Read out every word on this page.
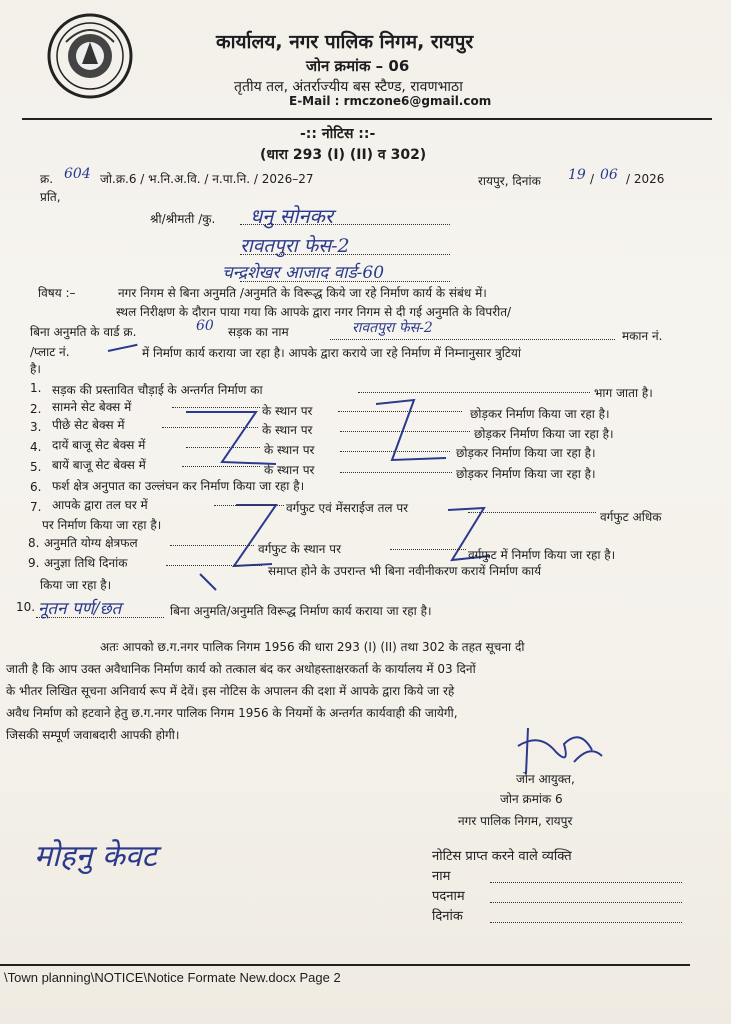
कार्यालय, नगर पालिक निगम, रायपुर
जोन क्रमांक – 06
तृतीय तल, अंतर्राज्यीय बस स्टैण्ड, रावणभाठा
E-Mail : rmczone6@gmail.com
-:: नोटिस ::-
(धारा 293 (I) (II) व 302)
क्र. 604 जो.क्र.6 / भ.नि.अ.वि. / न.पा.नि. / 2026–27	रायपुर, दिनांक 19 / 06 / 2026
प्रति,
श्री/श्रीमती /कु. धनु सोनकर
रावतपुरा फेस-2
चन्द्रशेखर आजाद वार्ड-60
विषय :–	नगर निगम से बिना अनुमति /अनुमति के विरूद्ध किये जा रहे निर्माण कार्य के संबंध में।
स्थल निरीक्षण के दौरान पाया गया कि आपके द्वारा नगर निगम से दी गई अनुमति के विपरीत/
बिना अनुमति के वार्ड क्र.	60 सड़क का नाम	रावतपुरा फेस-2	मकान नं.
/प्लाट नं.	में निर्माण कार्य कराया जा रहा है। आपके द्वारा कराये जा रहे निर्माण में निम्नानुसार त्रुटियां
है।
1. सड़क की प्रस्तावित चौड़ाई के अन्तर्गत निर्माण का	भाग जाता है।
2. सामने सेट बेक्स में	के स्थान पर	छोड़कर निर्माण किया जा रहा है।
3. पीछे सेट बेक्स में	के स्थान पर	छोड़कर निर्माण किया जा रहा है।
4. दायें बाजू सेट बेक्स में	के स्थान पर	छोड़कर निर्माण किया जा रहा है।
5. बायें बाजू सेट बेक्स में	के स्थान पर	छोड़कर निर्माण किया जा रहा है।
6. फर्श क्षेत्र अनुपात का उल्लंघन कर निर्माण किया जा रहा है।
7. आपके द्वारा तल घर में	वर्गफुट एवं मेंसराईज तल पर
वर्गफुट अधिक
पर निर्माण किया जा रहा है।
8. अनुमति योग्य क्षेत्रफल	वर्गफुट के स्थान पर	वर्गफुट में निर्माण किया जा रहा है।
9. अनुज्ञा तिथि दिनांक
समाप्त होने के उपरान्त भी बिना नवीनीकरण करायें निर्माण कार्य
किया जा रहा है।
10. नूतन पर्ण/छत	बिना अनुमति/अनुमति विरूद्ध निर्माण कार्य कराया जा रहा है।
अतः आपको छ.ग.नगर पालिक निगम 1956 की धारा 293 (I) (II) तथा 302 के तहत सूचना दी
जाती है कि आप उक्त अवैधानिक निर्माण कार्य को तत्काल बंद कर अधोहस्ताक्षरकर्ता के कार्यालय में 03 दिनों
के भीतर लिखित सूचना अनिवार्य रूप में देवें। इस नोटिस के अपालन की दशा में आपके द्वारा किये जा रहे
अवैध निर्माण को हटवाने हेतु छ.ग.नगर पालिक निगम 1956 के नियमों के अन्तर्गत कार्यवाही की जायेगी,
जिसकी सम्पूर्ण जवाबदारी आपकी होगी।
जोन आयुक्त,
जोन क्रमांक 6
नगर पालिक निगम, रायपुर
मोहनु केवट	नोटिस प्राप्त करने वाले व्यक्ति
नाम
पदनाम
दिनांक
\Town planning\NOTICE\Notice Formate New.docx Page 2
